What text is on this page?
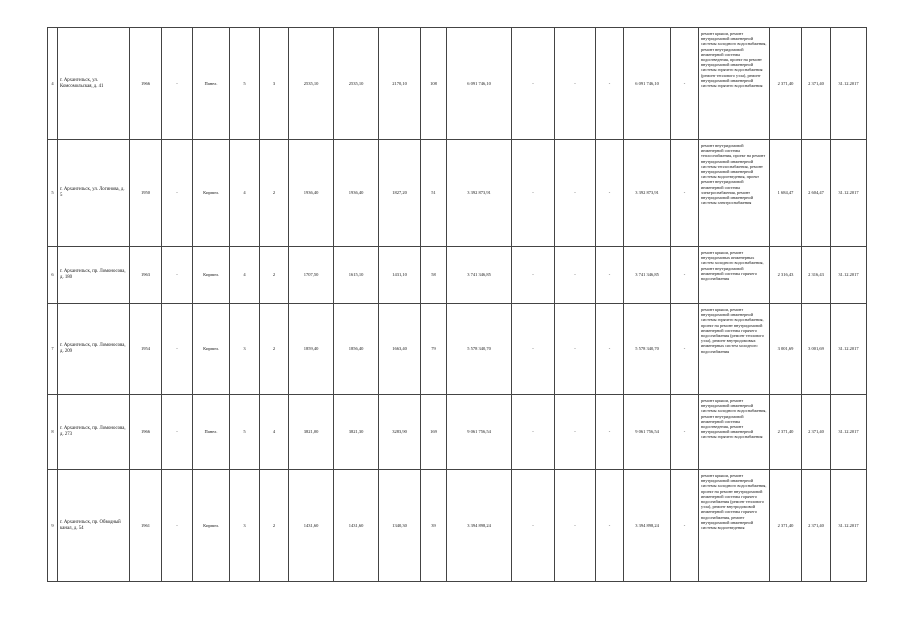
4	г. Архангельск, ул. Комсомольская, д. 41	1966	-	Панел.	5	3	2535,10	2535,10	2170,10	108	6 091 746,10	-	-	-	6 091 746,10	-	ремонт крыши, ремонт внутридомовой инженерной системы холодного водоснабжения, ремонт внутридомовой инженерной системы водоотведения, проект на ремонт внутридомовой инженерной системы горячего водоснабжения (ремонт теплового узла), ремонт внутридомовой инженерной системы горячего водоснабжения	2 371,40	2 371,40	31.12.2017
5	г. Архангельск, ул. Логинова, д. 5	1950	-	Кирпич.	4	2	1936,40	1936,40	1827,20	51	3 392 873,91	-	-	-	3 392 873,91	-	ремонт внутридомовой инженерной системы теплоснабжения, проект на ремонт внутридомовой инженерной системы теплоснабжения, ремонт внутридомовой инженерной системы водоотведения, проект ремонт внутридомовой инженерной системы электроснабжения, ремонт внутридомовой инженерной системы электроснабжения	1 684,47	2 604,47	31.12.2017
6	г. Архангельск, пр. Ломоносова, д. 180	1963	-	Кирпич.	4	2	1707,50	1615,10	1431,10	58	3 741 346,85	-	-	-	3 741 346,85	-	ремонт крыши, ремонт внутридомовых инженерных систем холодного водоснабжения, ремонт внутридомовой инженерной системы горячего водоснабжения	2 316,43	2 316,43	31.12.2017
7	г. Архангельск, пр. Ломоносова, д. 209	1954	-	Кирпич.	3	2	1859,40	1856,40	1663,40	79	5 578 340,70	-	-	-	5 578 340,70	-	ремонт крыши, ремонт внутридомовой инженерной системы горячего водоснабжения, проект на ремонт внутридомовой инженерной системы горячего водоснабжения (ремонт теплового узла), ремонт внутридомовых инженерных систем холодного водоснабжения	3 001,69	3 001,69	31.12.2017
8	г. Архангельск, пр. Ломоносова, д. 273	1966	-	Панел.	5	4	3821,00	3821,30	3283,90	169	9 061 756,54	-	-	-	9 061 756,54	-	ремонт крыши, ремонт внутридомовой инженерной системы холодного водоснабжения, ремонт внутридомовой инженерной системы водоотведения, ремонт внутридомовой инженерной системы горячего водоснабжения	2 371,40	2 371,40	31.12.2017
9	г. Архангельск, пр. Обводный канал, д. 54	1961	-	Кирпич.	3	2	1431,60	1431,60	1340,30	39	3 394 898,24	-	-	-	3 394 898,24	-	ремонт крыши, ремонт внутридомовой инженерной системы холодного водоснабжения, проект на ремонт внутридомовой инженерной системы горячего водоснабжения (ремонт теплового узла), ремонт внутридомовой инженерной системы горячего водоснабжения, ремонт внутридомовой инженерной системы водоотведения	2 371,40	2 371,40	31.12.2017
